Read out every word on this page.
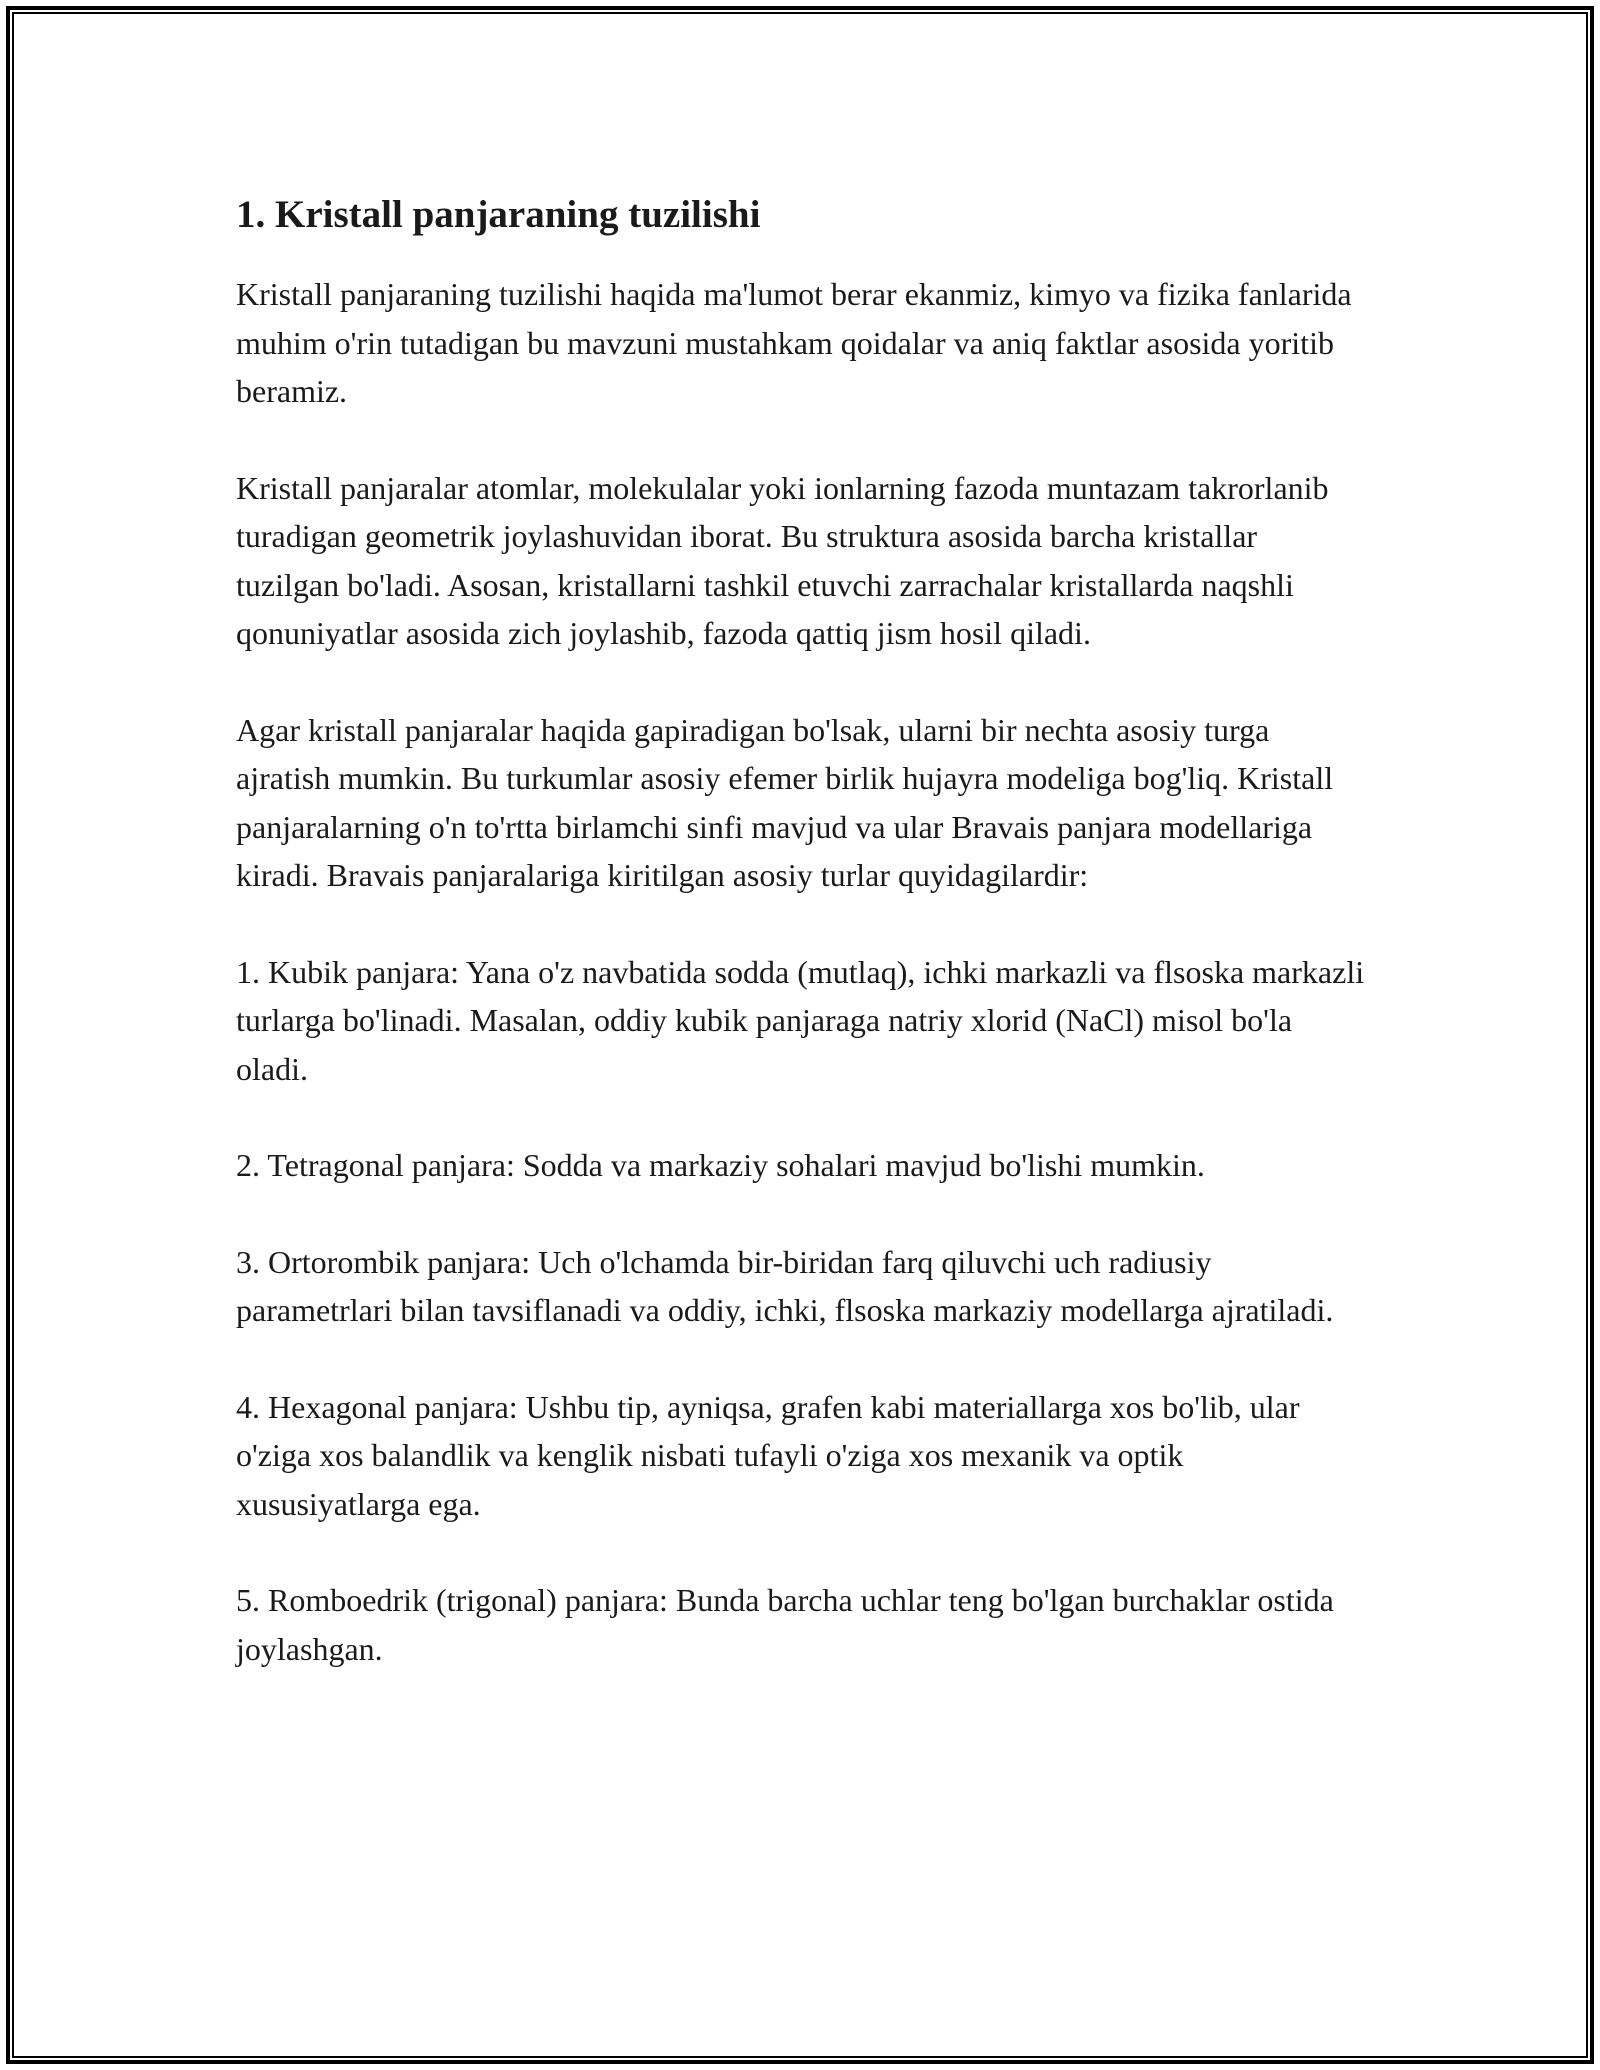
1. Kristall panjaraning tuzilishi

Kristall panjaraning tuzilishi haqida ma'lumot berar ekanmiz, kimyo va fizika fanlarida muhim o'rin tutadigan bu mavzuni mustahkam qoidalar va aniq faktlar asosida yoritib beramiz.

Kristall panjaralar atomlar, molekulalar yoki ionlarning fazoda muntazam takrorlanib turadigan geometrik joylashuvidan iborat. Bu struktura asosida barcha kristallar tuzilgan bo'ladi. Asosan, kristallarni tashkil etuvchi zarrachalar kristallarda naqshli qonuniyatlar asosida zich joylashib, fazoda qattiq jism hosil qiladi.

Agar kristall panjaralar haqida gapiradigan bo'lsak, ularni bir nechta asosiy turga ajratish mumkin. Bu turkumlar asosiy efemer birlik hujayra modeliga bog'liq. Kristall panjaralarning o'n to'rtta birlamchi sinfi mavjud va ular Bravais panjara modellariga kiradi. Bravais panjaralariga kiritilgan asosiy turlar quyidagilardir:

1. Kubik panjara: Yana o'z navbatida sodda (mutlaq), ichki markazli va flsoska markazli turlarga bo'linadi. Masalan, oddiy kubik panjaraga natriy xlorid (NaCl) misol bo'la oladi.

2. Tetragonal panjara: Sodda va markaziy sohalari mavjud bo'lishi mumkin.

3. Ortorombik panjara: Uch o'lchamda bir-biridan farq qiluvchi uch radiusiy parametrlari bilan tavsiflanadi va oddiy, ichki, flsoska markaziy modellarga ajratiladi.

4. Hexagonal panjara: Ushbu tip, ayniqsa, grafen kabi materiallarga xos bo'lib, ular o'ziga xos balandlik va kenglik nisbati tufayli o'ziga xos mexanik va optik xususiyatlarga ega.

5. Romboedrik (trigonal) panjara: Bunda barcha uchlar teng bo'lgan burchaklar ostida joylashgan.
